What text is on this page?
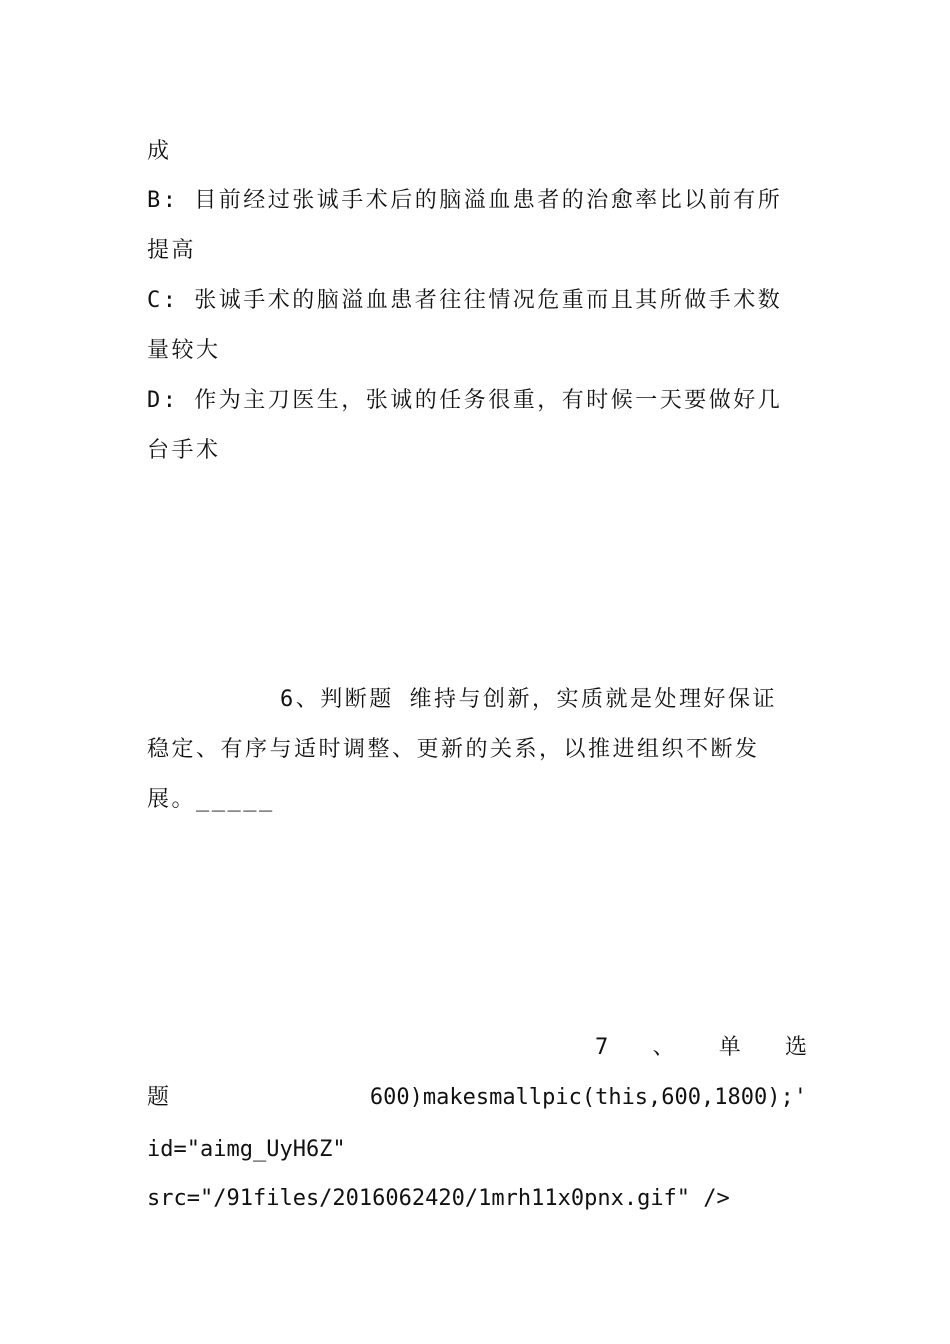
成
B: 目前经过张诚手术后的脑溢血患者的治愈率比以前有所
提高
C: 张诚手术的脑溢血患者往往情况危重而且其所做手术数
量较大
D: 作为主刀医生，张诚的任务很重，有时候一天要做好几
台手术
6、判断题 维持与创新，实质就是处理好保证
稳定、有序与适时调整、更新的关系，以推进组织不断发
展。_____
7 、 单 选
题	600)makesmallpic(this,600,1800);'
id="aimg_UyH6Z"
src="/91files/2016062420/1mrh11x0pnx.gif" />
